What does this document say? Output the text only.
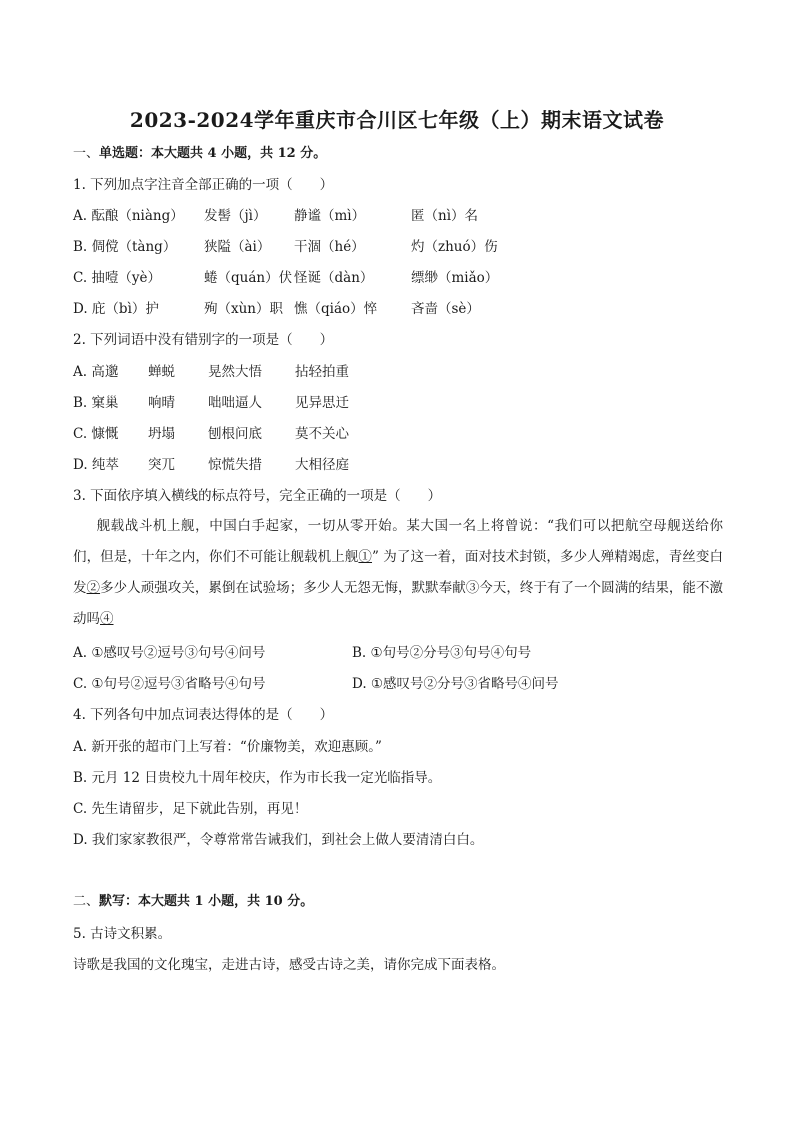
2023-2024学年重庆市合川区七年级（上）期末语文试卷
一、单选题：本大题共 4 小题，共 12 分。
1. 下列加点字注音全部正确的一项（　　）
A. 酝酿（niàng） 发髻（jì） 静谧（mì）	匿（nì）名
B. 倜傥（tàng） 狭隘（ài） 干涸（hé）	灼（zhuó）伤
C. 抽噎（yè）	蜷（quán）伏 怪诞（dàn）	缥缈（miǎo）
D. 庇（bì）护	殉（xùn）职 憔（qiáo）悴	吝啬（sè）
2. 下列词语中没有错别字的一项是（　　）
A. 高邈 蝉蜕 晃然大悟 拈轻拍重
B. 窠巢 响晴 咄咄逼人 见异思迁
C. 慷慨 坍塌 刨根问底 莫不关心
D. 纯萃 突兀 惊慌失措 大相径庭
3. 下面依序填入横线的标点符号，完全正确的一项是（　　）
舰载战斗机上舰，中国白手起家，一切从零开始。某大国一名上将曾说：“我们可以把航空母舰送给你们，但是，十年之内，你们不可能让舰载机上舰①” 为了这一着，面对技术封锁，多少人殚精竭虑，青丝变白发②多少人顽强攻关，累倒在试验场；多少人无怨无悔，默默奉献③今天，终于有了一个圆满的结果，能不激动吗④
A. ①感叹号②逗号③句号④问号	B. ①句号②分号③句号④句号
C. ①句号②逗号③省略号④句号	D. ①感叹号②分号③省略号④问号
4. 下列各句中加点词表达得体的是（　　）
A. 新开张的超市门上写着：“价廉物美，欢迎惠顾。”
B. 元月 12 日贵校九十周年校庆，作为市长我一定光临指导。
C. 先生请留步，足下就此告别，再见！
D. 我们家家教很严，令尊常常告诫我们，到社会上做人要清清白白。
二、默写：本大题共 1 小题，共 10 分。
5. 古诗文积累。
诗歌是我国的文化瑰宝，走进古诗，感受古诗之美，请你完成下面表格。
